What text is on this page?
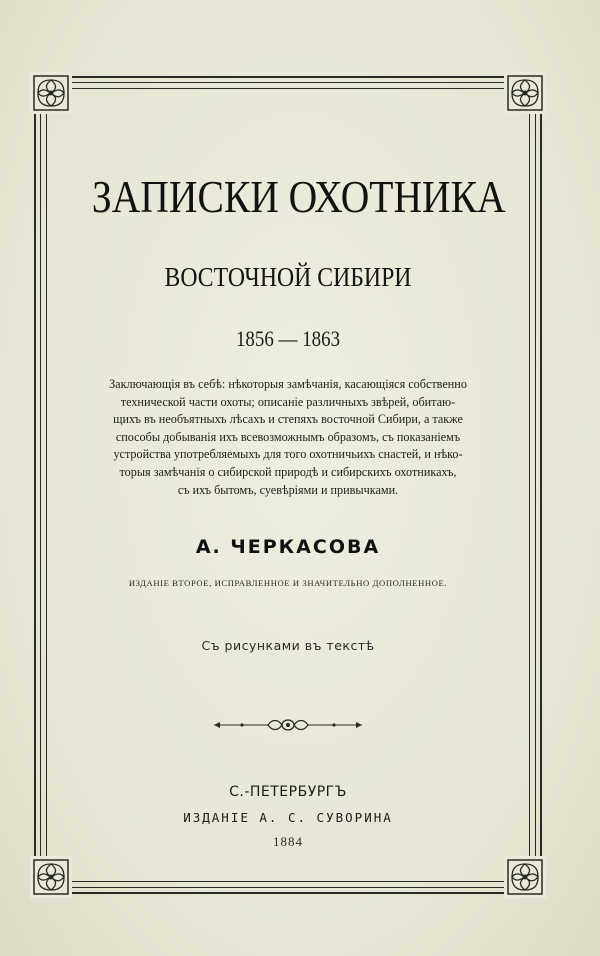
ЗАПИСКИ ОХОТНИКА
ВОСТОЧНОЙ СИБИРИ
1856 — 1863
Заключающія въ себѣ: нѣкоторыя замѣчанія, касающіяся собственно
технической части охоты; описаніе различныхъ звѣрей, обитаю-
щихъ въ необъятныхъ лѣсахъ и степяхъ восточной Сибири, а также
способы добыванія ихъ всевозможнымъ образомъ, съ показаніемъ
устройства употребляемыхъ для того охотничьихъ снастей, и нѣко-
торыя замѣчанія о сибирской природѣ и сибирскихъ охотникахъ,
съ ихъ бытомъ, суевѣріями и привычками.
А. ЧЕРКАСОВА
ИЗДАНІЕ ВТОРОЕ, ИСПРАВЛЕННОЕ И ЗНАЧИТЕЛЬНО ДОПОЛНЕННОЕ.
Съ рисунками въ текстѣ
С.-ПЕТЕРБУРГЪ
ИЗДАНІЕ А. С. СУВОРИНА
1884
